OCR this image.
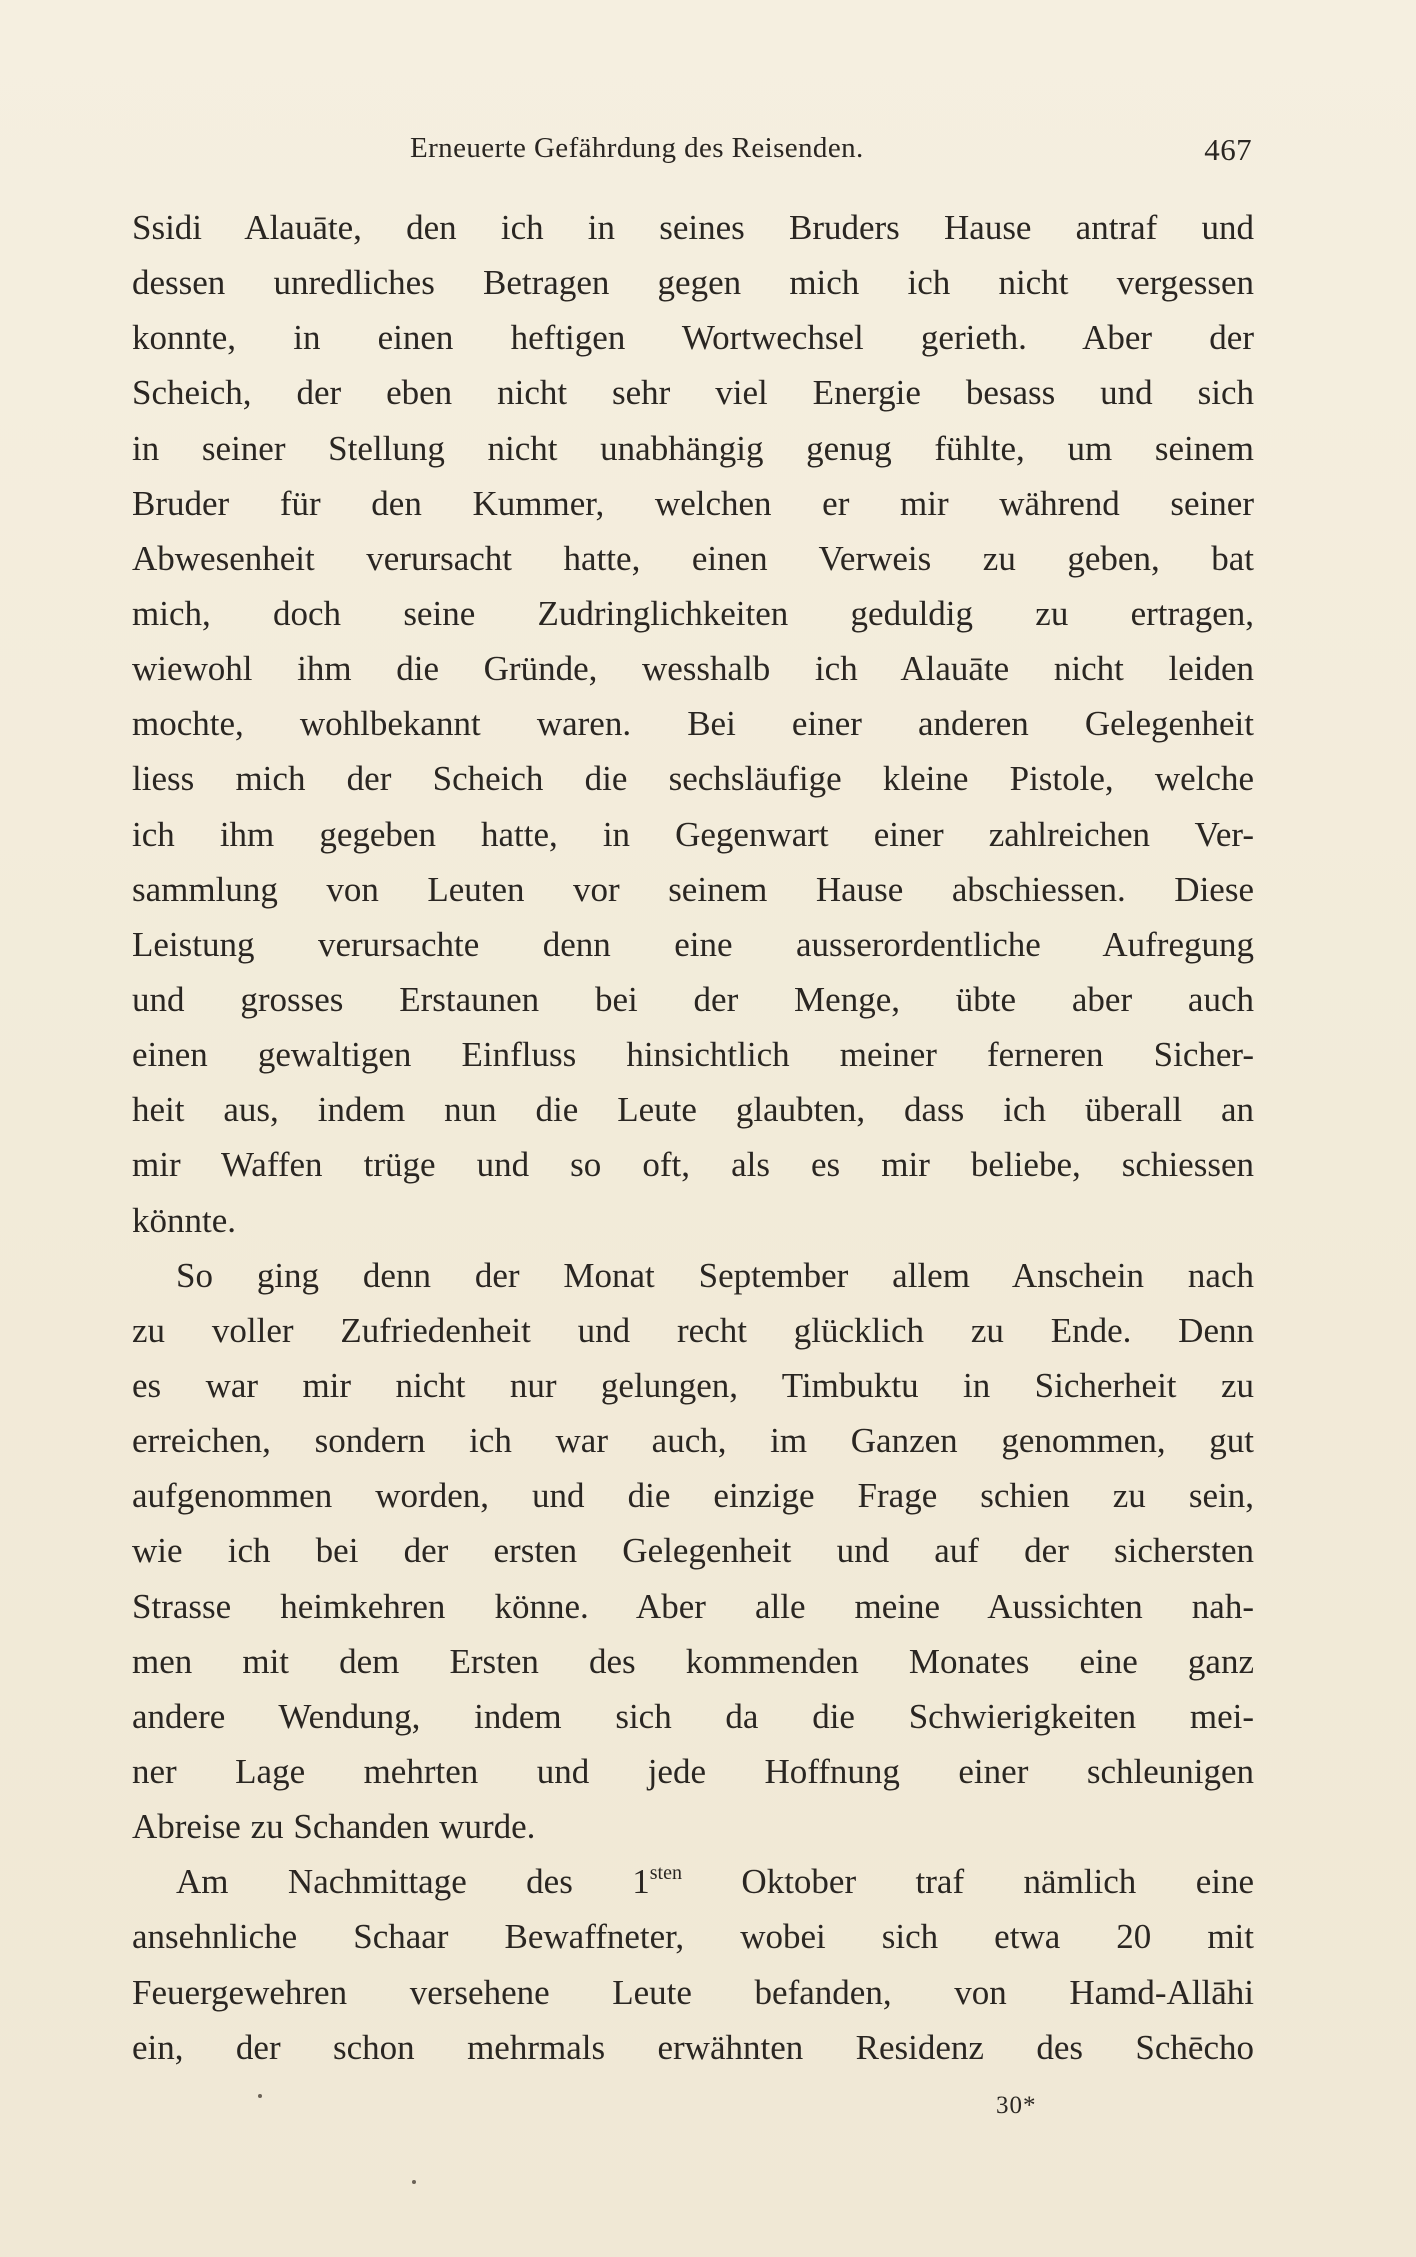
Erneuerte Gefährdung des Reisenden.	467
Ssidi Alauāte, den ich in seines Bruders Hause antraf und
dessen unredliches Betragen gegen mich ich nicht vergessen
konnte, in einen heftigen Wortwechsel gerieth. Aber der
Scheich, der eben nicht sehr viel Energie besass und sich
in seiner Stellung nicht unabhängig genug fühlte, um seinem
Bruder für den Kummer, welchen er mir während seiner
Abwesenheit verursacht hatte, einen Verweis zu geben, bat
mich, doch seine Zudringlichkeiten geduldig zu ertragen,
wiewohl ihm die Gründe, wesshalb ich Alauāte nicht leiden
mochte, wohlbekannt waren. Bei einer anderen Gelegenheit
liess mich der Scheich die sechsläufige kleine Pistole, welche
ich ihm gegeben hatte, in Gegenwart einer zahlreichen Ver-
sammlung von Leuten vor seinem Hause abschiessen. Diese
Leistung verursachte denn eine ausserordentliche Aufregung
und grosses Erstaunen bei der Menge, übte aber auch
einen gewaltigen Einfluss hinsichtlich meiner ferneren Sicher-
heit aus, indem nun die Leute glaubten, dass ich überall an
mir Waffen trüge und so oft, als es mir beliebe, schiessen
könnte.
So ging denn der Monat September allem Anschein nach
zu voller Zufriedenheit und recht glücklich zu Ende. Denn
es war mir nicht nur gelungen, Timbuktu in Sicherheit zu
erreichen, sondern ich war auch, im Ganzen genommen, gut
aufgenommen worden, und die einzige Frage schien zu sein,
wie ich bei der ersten Gelegenheit und auf der sichersten
Strasse heimkehren könne. Aber alle meine Aussichten nah-
men mit dem Ersten des kommenden Monates eine ganz
andere Wendung, indem sich da die Schwierigkeiten mei-
ner Lage mehrten und jede Hoffnung einer schleunigen
Abreise zu Schanden wurde.
Am Nachmittage des $1^{sten}$ Oktober traf nämlich eine
ansehnliche Schaar Bewaffneter, wobei sich etwa 20 mit
Feuergewehren versehene Leute befanden, von Hamd-Allāhi
ein, der schon mehrmals erwähnten Residenz des Schēcho
30*
